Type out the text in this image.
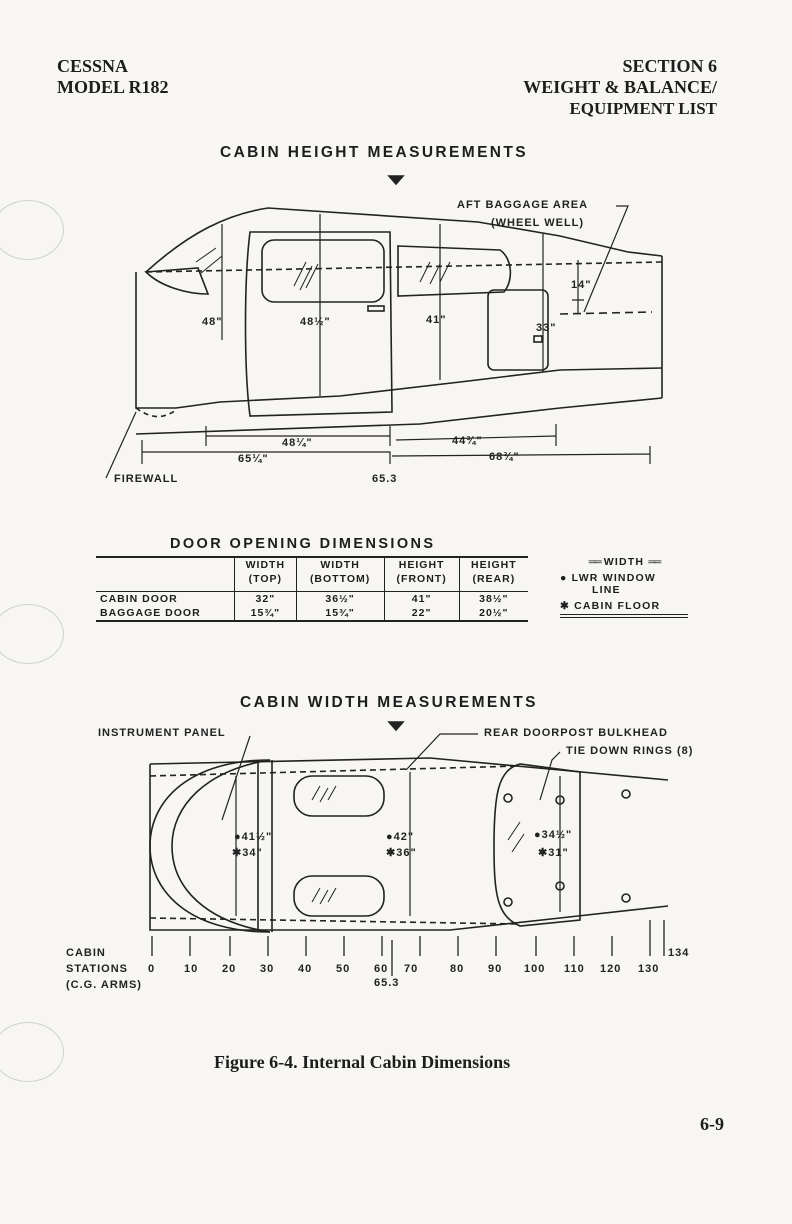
CESSNA
MODEL R182
SECTION 6
WEIGHT & BALANCE/
EQUIPMENT LIST
CABIN HEIGHT MEASUREMENTS
AFT BAGGAGE AREA
(WHEEL WELL)
48"	48½"	41"
33"
14"
48¼"	44¾"
65¼"	68¾"
FIREWALL	65.3
DOOR OPENING DIMENSIONS
	WIDTH	WIDTH	HEIGHT	HEIGHT
	(TOP)	(BOTTOM)	(FRONT)	(REAR)
CABIN DOOR	32"	36½"	41"	38½"
BAGGAGE DOOR	15¾"	15¾"	22"	20½"
══ WIDTH ══
● LWR WINDOW
LINE
✱ CABIN FLOOR
CABIN WIDTH MEASUREMENTS
INSTRUMENT PANEL	REAR DOORPOST BULKHEAD
TIE DOWN RINGS (8)
●41½"
✱34"
●42"
✱36"
●34½"
✱31"
CABIN
STATIONS
(C.G. ARMS)
0	10 20 30 40 50 60 70	80 90 100 110 120 130
134
65.3
Figure 6-4. Internal Cabin Dimensions
6-9
